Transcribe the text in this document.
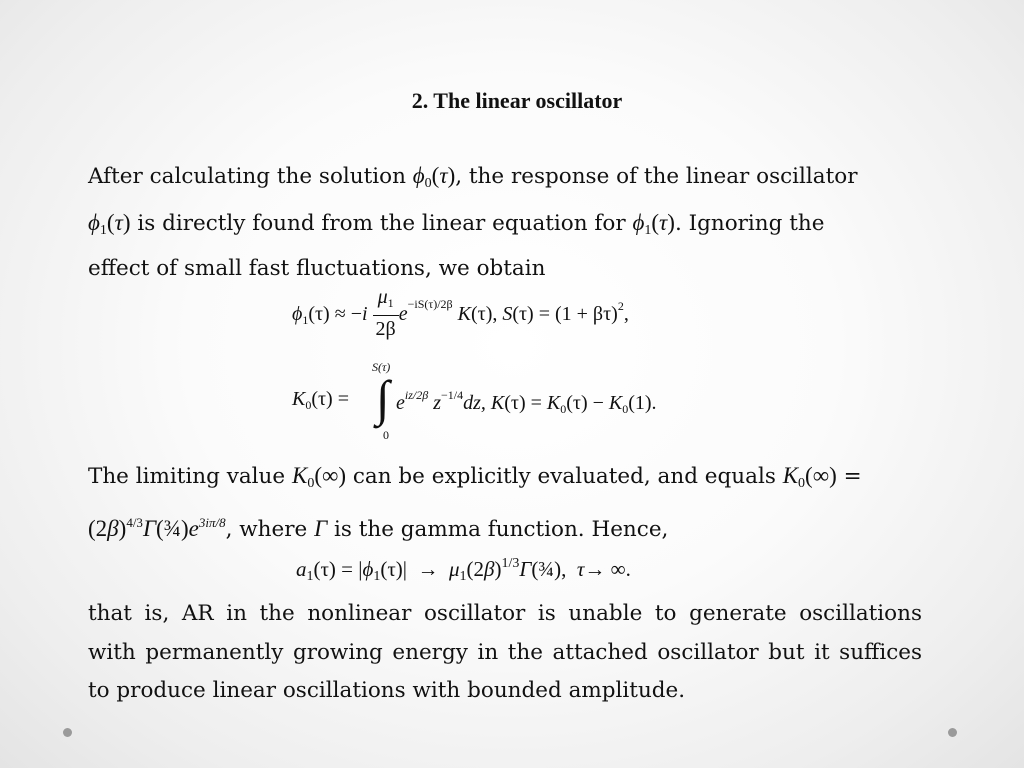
2. The linear oscillator
After calculating the solution $\phi_0(\tau)$, the response of the linear oscillator
$\phi_1(\tau)$ is directly found from the linear equation for $\phi_1(\tau)$. Ignoring the
effect of small fast fluctuations, we obtain
$\phi_1(\tau) \approx -i \frac{\mu_1}{2\beta} e^{-iS(\tau)/2\beta}$ K(τ), $S(\tau) = (1 + \beta\tau)^2$,
$K_0(\tau)$ =
S(τ)
∫
0
$e^{iz/2\beta}$ $z^{-1/4}dz$, $K(\tau) = K_0(\tau) - K_0(1)$.
The limiting value $K_0(\infty)$ can be explicitly evaluated, and equals $K_0(\infty)$ =
$(2\beta)^{4/3}\Gamma(\frac{3}{4})e^{3i\pi/8}$, where Γ is the gamma function. Hence,
$a1(\tau) = |\phi 1(\tau)| \to \mu 1(2\beta)^{1/3}\Gamma(\frac{3}{4})$,  τ→ ∞.
that is, AR in the nonlinear oscillator is unable to generate oscillations
with permanently growing energy in the attached oscillator but it suffices
to produce linear oscillations with bounded amplitude.
